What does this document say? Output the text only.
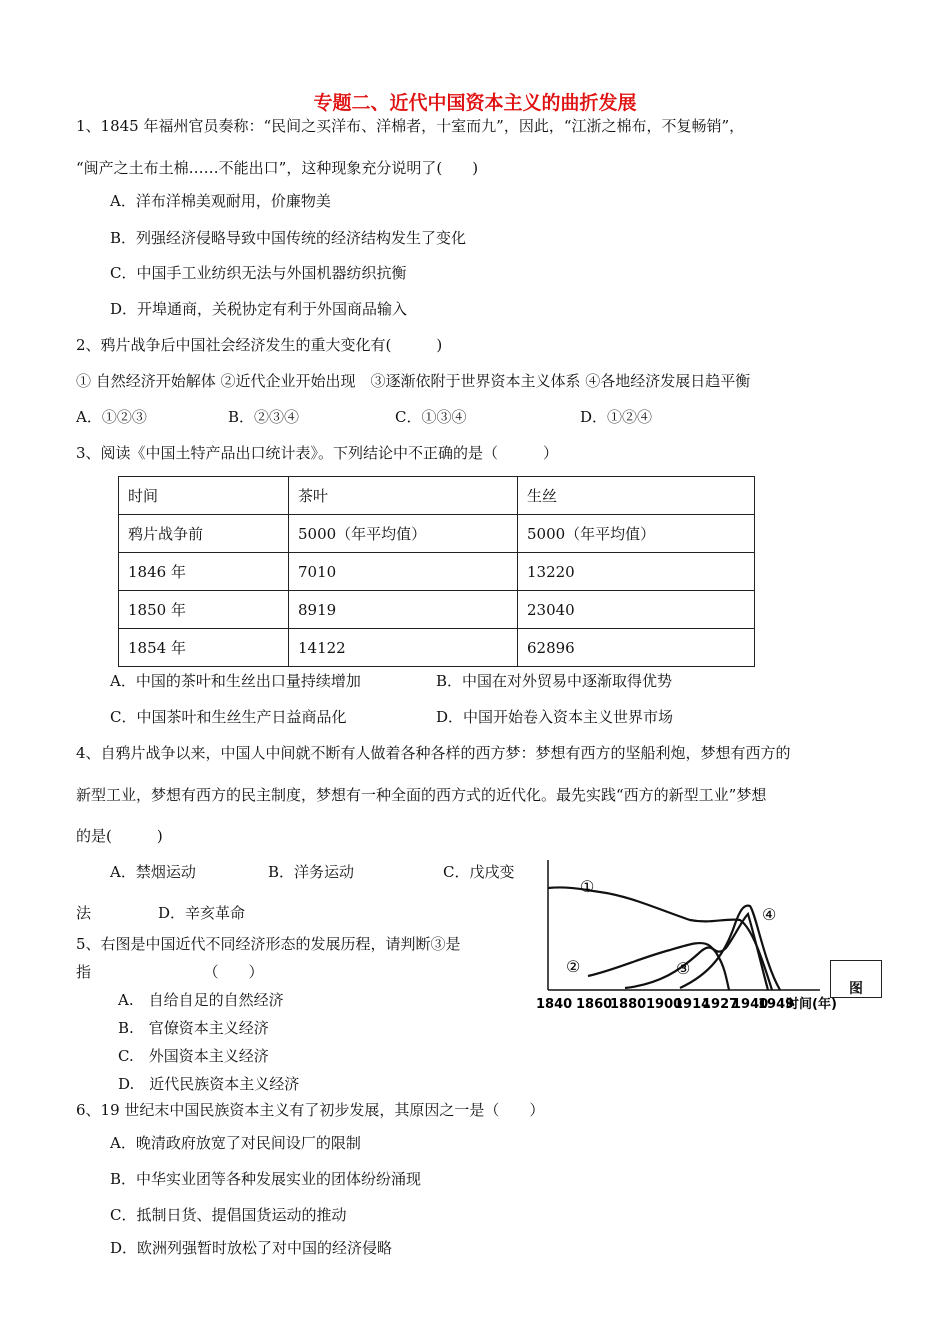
专题二、近代中国资本主义的曲折发展
1、1845 年福州官员奏称：“民间之买洋布、洋棉者，十室而九”，因此，“江浙之棉布，不复畅销”，
“闽产之土布土棉……不能出口”，这种现象充分说明了(　　)
A．洋布洋棉美观耐用，价廉物美
B．列强经济侵略导致中国传统的经济结构发生了变化
C．中国手工业纺织无法与外国机器纺织抗衡
D．开埠通商，关税协定有利于外国商品输入
2、鸦片战争后中国社会经济发生的重大变化有(　　　)
① 自然经济开始解体 ②近代企业开始出现　③逐渐依附于世界资本主义体系 ④各地经济发展日趋平衡
A．①②③	B．②③④	C．①③④	D．①②④
3、阅读《中国土特产品出口统计表》。下列结论中不正确的是（　　　）
时间	茶叶	生丝
鸦片战争前	5000（年平均值）	5000（年平均值）
1846 年	7010	13220
1850 年	8919	23040
1854 年	14122	62896
A．中国的茶叶和生丝出口量持续增加	B．中国在对外贸易中逐渐取得优势
C．中国茶叶和生丝生产日益商品化	D．中国开始卷入资本主义世界市场
4、自鸦片战争以来，中国人中间就不断有人做着各种各样的西方梦：梦想有西方的坚船利炮，梦想有西方的
新型工业，梦想有西方的民主制度，梦想有一种全面的西方式的近代化。最先实践“西方的新型工业”梦想
的是(　　　)
A．禁烟运动	B．洋务运动	C．戊戌变
法	D．辛亥革命
5、右图是中国近代不同经济形态的发展历程，请判断③是
指　　　　　　　　（　　）
A.　自给自足的自然经济
B.　官僚资本主义经济
C.　外国资本主义经济
D.　近代民族资本主义经济
①
②	③
④
1840 1860
1880 1900
1914
1927
1940
1949
时间(年)
图
6、19 世纪末中国民族资本主义有了初步发展，其原因之一是（　　）
A．晚清政府放宽了对民间设厂的限制
B．中华实业团等各种发展实业的团体纷纷涌现
C．抵制日货、提倡国货运动的推动
D．欧洲列强暂时放松了对中国的经济侵略
